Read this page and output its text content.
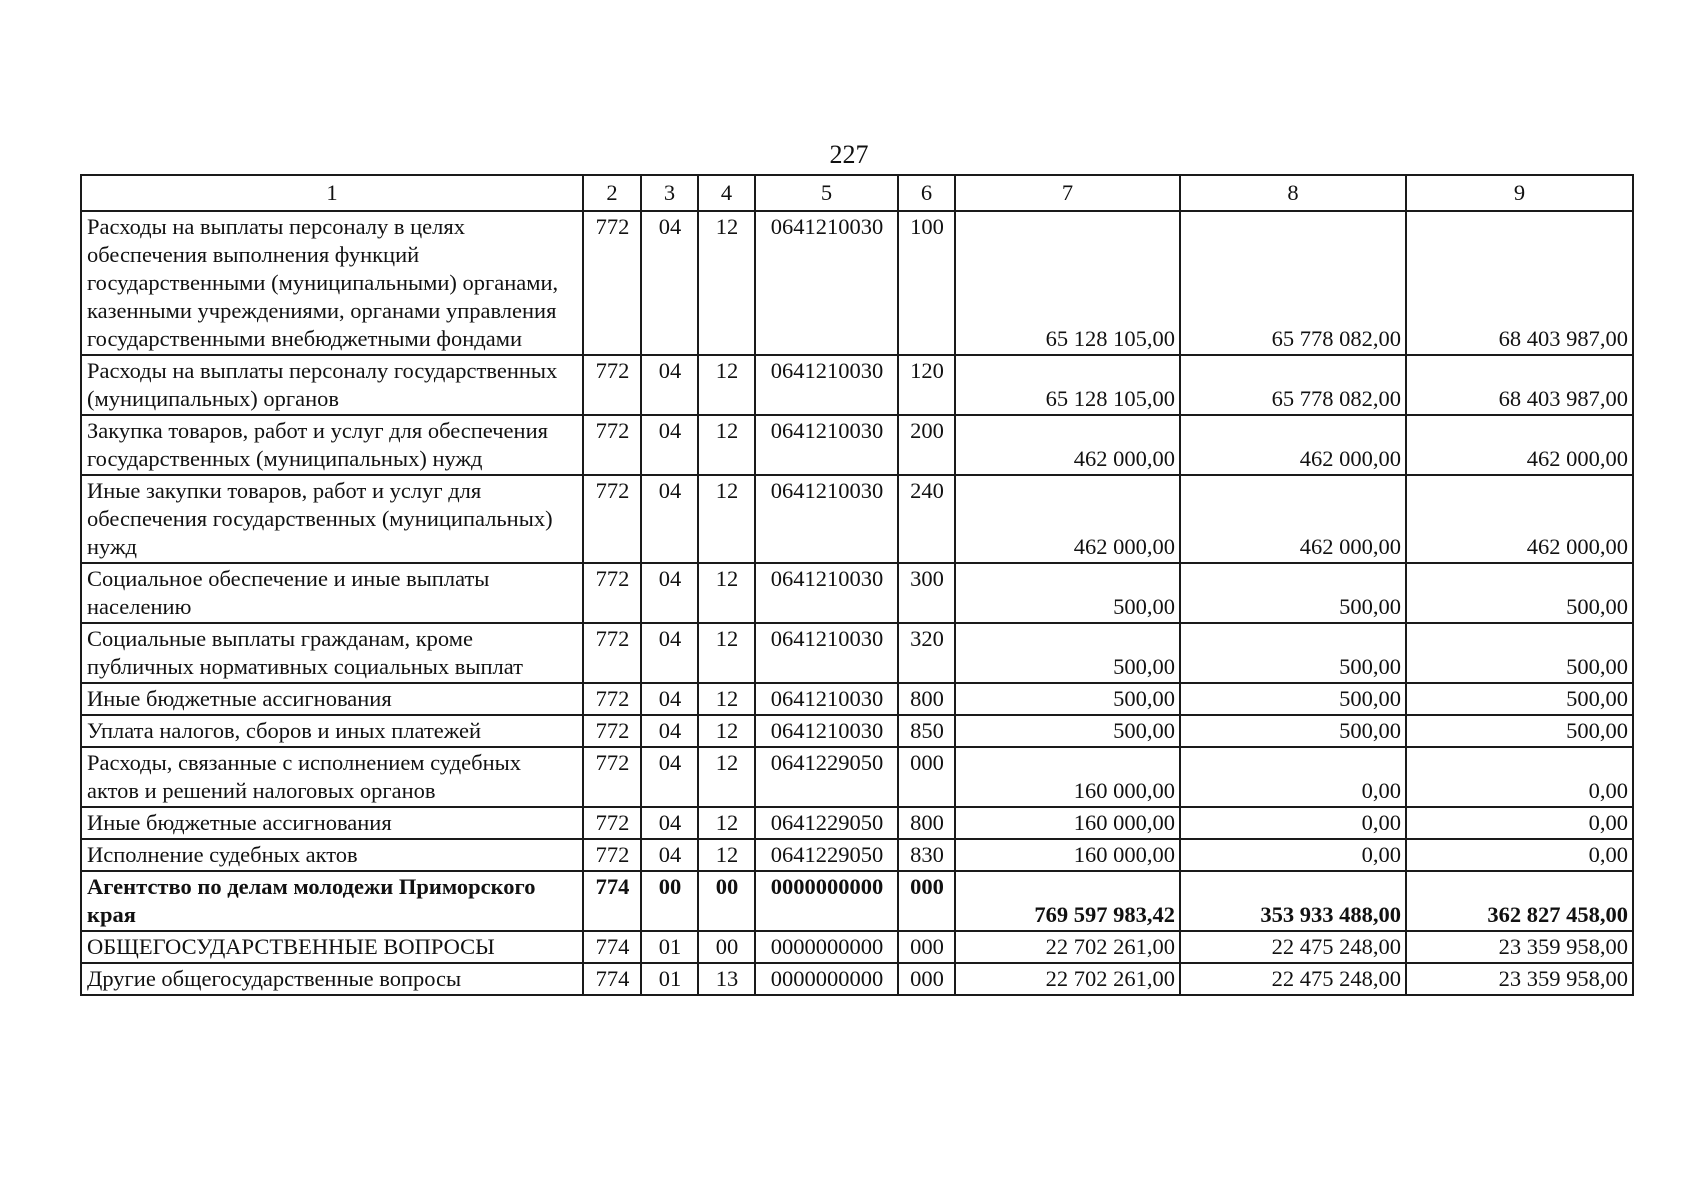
227
1	2	3	4	5	6	7	8	9
Расходы на выплаты персоналу в целях обеспечения выполнения функций государственными (муниципальными) органами, казенными учреждениями, органами управления государственными внебюджетными фондами	772	04	12	0641210030	100	65 128 105,00	65 778 082,00	68 403 987,00
Расходы на выплаты персоналу государственных (муниципальных) органов	772	04	12	0641210030	120	65 128 105,00	65 778 082,00	68 403 987,00
Закупка товаров, работ и услуг для обеспечения государственных (муниципальных) нужд	772	04	12	0641210030	200	462 000,00	462 000,00	462 000,00
Иные закупки товаров, работ и услуг для обеспечения государственных (муниципальных) нужд	772	04	12	0641210030	240	462 000,00	462 000,00	462 000,00
Социальное обеспечение и иные выплаты населению	772	04	12	0641210030	300	500,00	500,00	500,00
Социальные выплаты гражданам, кроме публичных нормативных социальных выплат	772	04	12	0641210030	320	500,00	500,00	500,00
Иные бюджетные ассигнования	772	04	12	0641210030	800	500,00	500,00	500,00
Уплата налогов, сборов и иных платежей	772	04	12	0641210030	850	500,00	500,00	500,00
Расходы, связанные с исполнением судебных актов и решений налоговых органов	772	04	12	0641229050	000	160 000,00	0,00	0,00
Иные бюджетные ассигнования	772	04	12	0641229050	800	160 000,00	0,00	0,00
Исполнение судебных актов	772	04	12	0641229050	830	160 000,00	0,00	0,00
Агентство по делам молодежи Приморского края	774	00	00	0000000000	000	769 597 983,42	353 933 488,00	362 827 458,00
ОБЩЕГОСУДАРСТВЕННЫЕ ВОПРОСЫ	774	01	00	0000000000	000	22 702 261,00	22 475 248,00	23 359 958,00
Другие общегосударственные вопросы	774	01	13	0000000000	000	22 702 261,00	22 475 248,00	23 359 958,00
